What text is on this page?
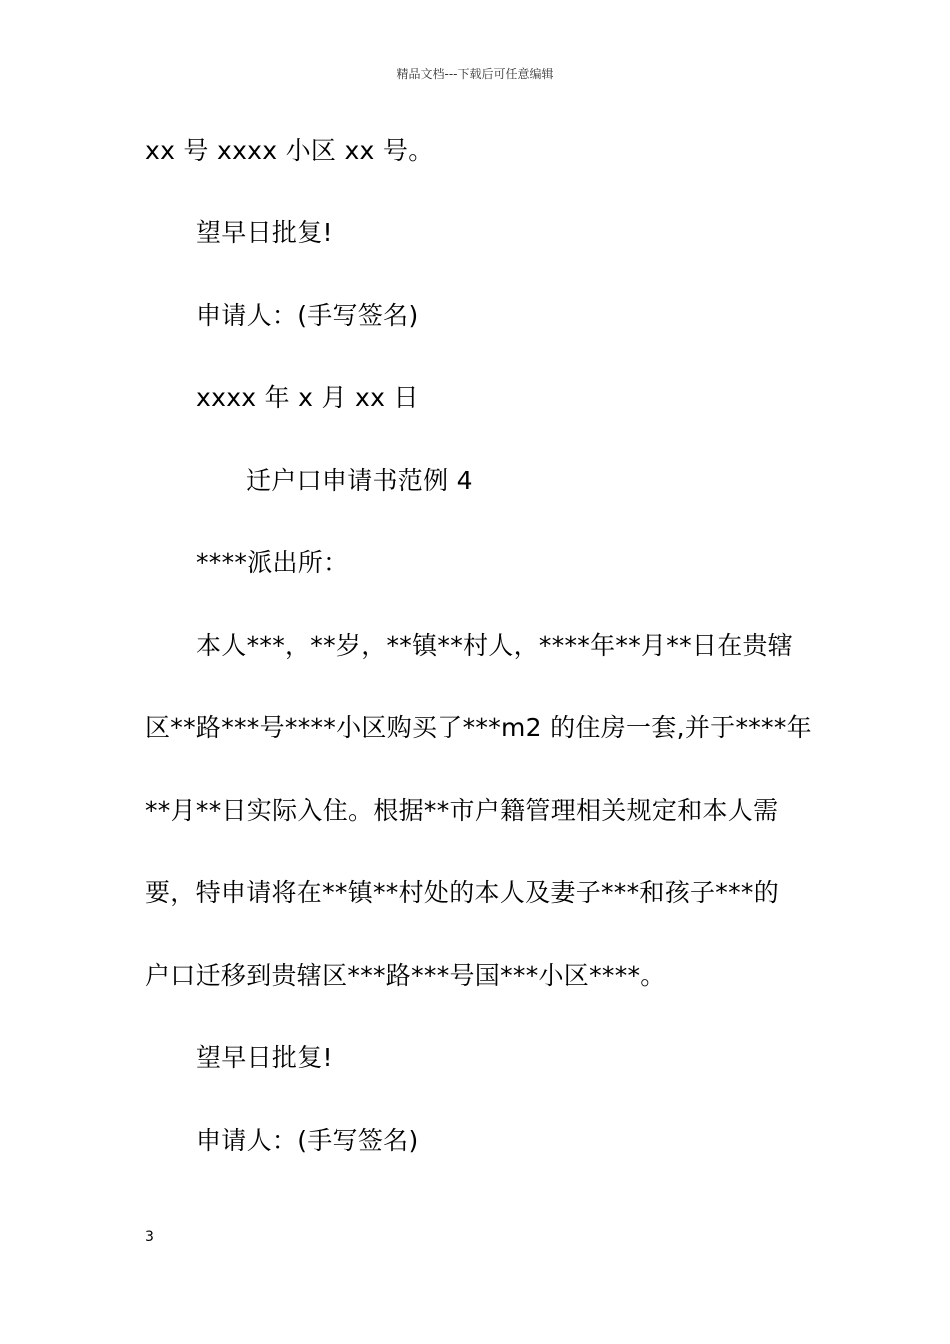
精品文档---下载后可任意编辑
xx 号 xxxx 小区 xx 号。
望早日批复!
申请人：(手写签名)
xxxx 年 x 月 xx 日
迁户口申请书范例 4
****派出所：
本人***，**岁，**镇**村人，****年**月**日在贵辖
区**路***号****小区购买了***m2 的住房一套,并于****年
**月**日实际入住。根据**市户籍管理相关规定和本人需
要，特申请将在**镇**村处的本人及妻子***和孩子***的
户口迁移到贵辖区***路***号国***小区****。
望早日批复!
申请人：(手写签名)
3
